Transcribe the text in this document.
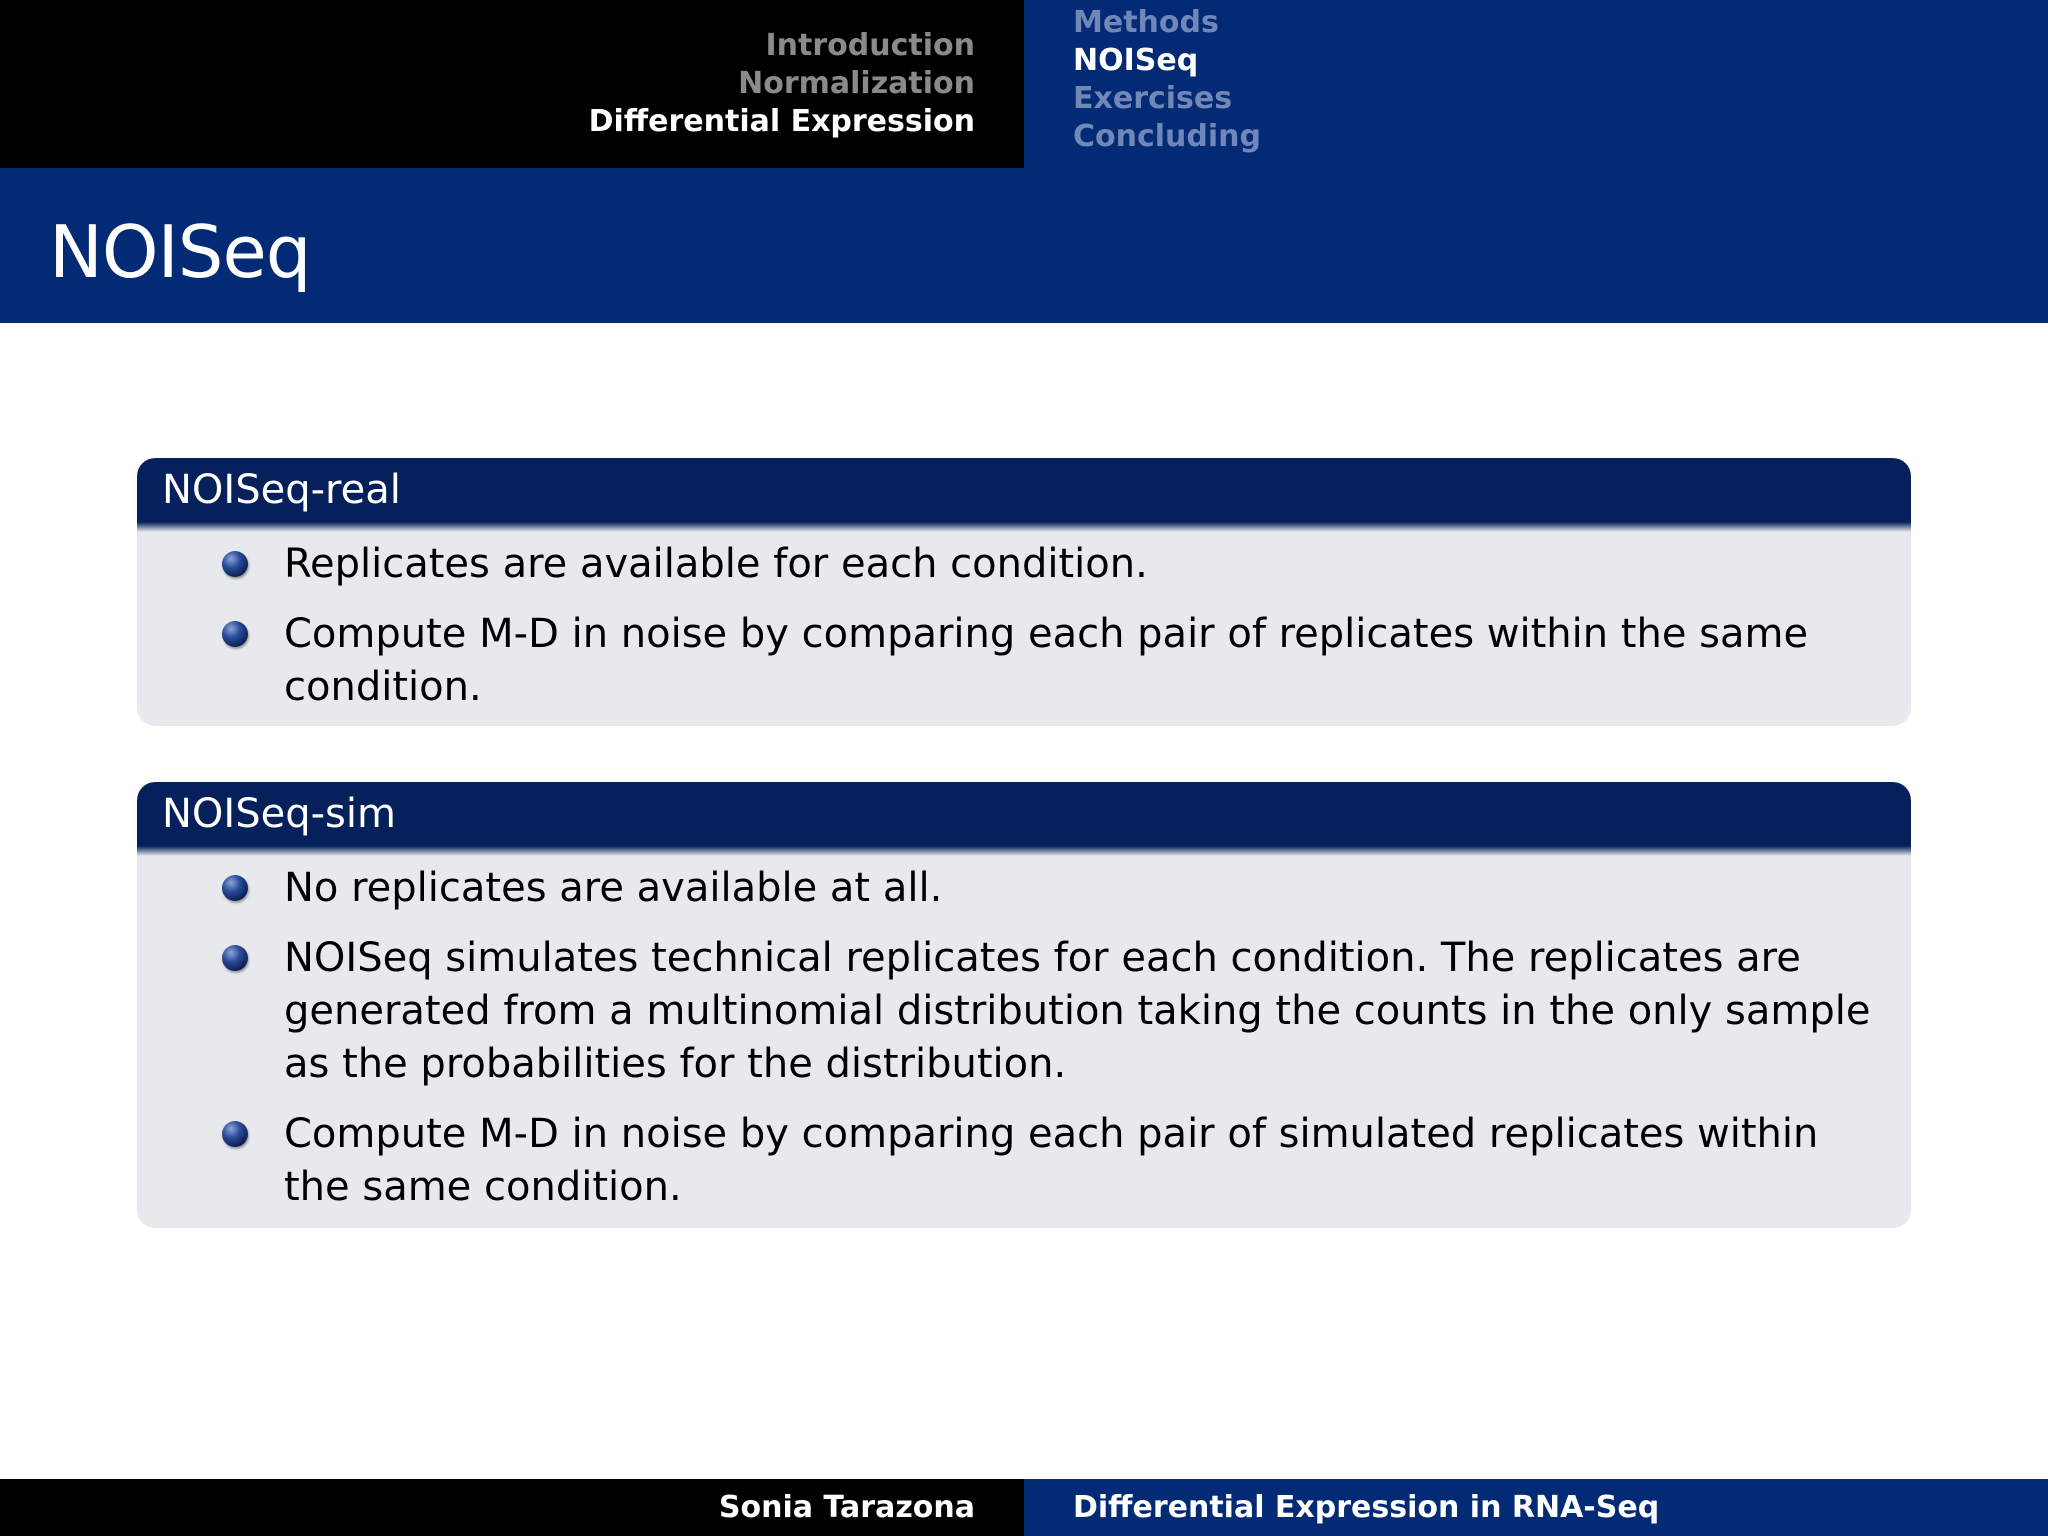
Introduction
Normalization
Differential Expression
Methods
NOISeq
Exercises
Concluding
NOISeq
NOISeq-real
Replicates are available for each condition.
Compute M-D in noise by comparing each pair of replicates within the same condition.
NOISeq-sim
No replicates are available at all.
NOISeq simulates technical replicates for each condition. The replicates are generated from a multinomial distribution taking the counts in the only sample as the probabilities for the distribution.
Compute M-D in noise by comparing each pair of simulated replicates within the same condition.
Sonia Tarazona	Differential Expression in RNA-Seq
